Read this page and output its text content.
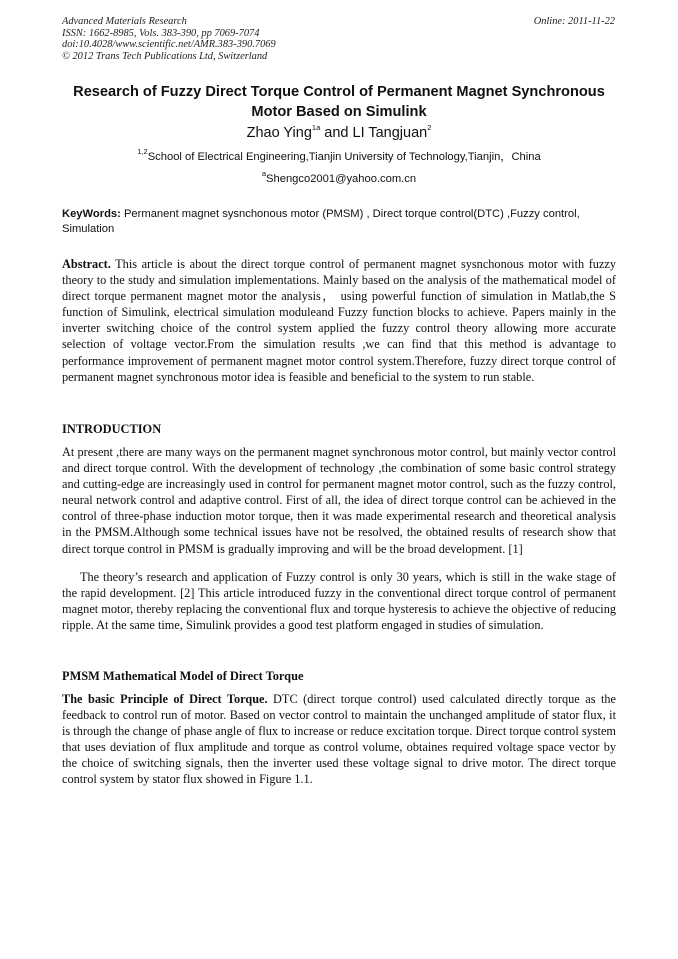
Advanced Materials Research
ISSN: 1662-8985, Vols. 383-390, pp 7069-7074
doi:10.4028/www.scientific.net/AMR.383-390.7069
© 2012 Trans Tech Publications Ltd, Switzerland
Online: 2011-11-22
Research of Fuzzy Direct Torque Control of Permanent Magnet Synchronous Motor Based on Simulink
Zhao Ying$^{1a}$ and LI Tangjuan$^2$
$^{1,2}$School of Electrical Engineering,Tianjin University of Technology,Tianjin，China
$^a$Shengco2001@yahoo.com.cn
KeyWords: Permanent magnet sysnchonous motor (PMSM) , Direct torque control(DTC) ,Fuzzy control, Simulation
Abstract. This article is about the direct torque control of permanent magnet sysnchonous motor with fuzzy theory to the study and simulation implementations. Mainly based on the analysis of the mathematical model of direct torque permanent magnet motor the analysis， using powerful function of simulation in Matlab,the S function of Simulink, electrical simulation moduleand Fuzzy function blocks to achieve. Papers mainly in the inverter switching choice of the control system applied the fuzzy control theory allowing more accurate selection of voltage vector.From the simulation results ,we can find that this method is advantage to performance improvement of permanent magnet motor control system.Therefore, fuzzy direct torque control of permanent magnet synchronous motor idea is feasible and beneficial to the system to run stable.
INTRODUCTION
At present ,there are many ways on the permanent magnet synchronous motor control, but mainly vector control and direct torque control. With the development of technology ,the combination of some basic control strategy and cutting-edge are increasingly used in control for permanent magnet motor control, such as the fuzzy control, neural network control and adaptive control. First of all, the idea of direct torque control can be achieved in the control of three-phase induction motor torque, then it was made experimental research and theoretical analysis in the PMSM.Although some technical issues have not be resolved, the obtained results of research show that direct torque control in PMSM is gradually improving and will be the broad development. [1]
The theory’s research and application of Fuzzy control is only 30 years, which is still in the wake stage of the rapid development. [2] This article introduced fuzzy in the conventional direct torque control of permanent magnet motor, thereby replacing the conventional flux and torque hysteresis to achieve the objective of reducing ripple. At the same time, Simulink provides a good test platform engaged in studies of simulation.
PMSM Mathematical Model of Direct Torque
The basic Principle of Direct Torque. DTC (direct torque control) used calculated directly torque as the feedback to control run of motor. Based on vector control to maintain the unchanged amplitude of stator flux, it is through the change of phase angle of flux to increase or reduce excitation torque. Direct torque control system that uses deviation of flux amplitude and torque as control volume, obtaines required voltage space vector by the choice of switching signals, then the inverter used these voltage signal to drive motor. The direct torque control system by stator flux showed in Figure 1.1.
